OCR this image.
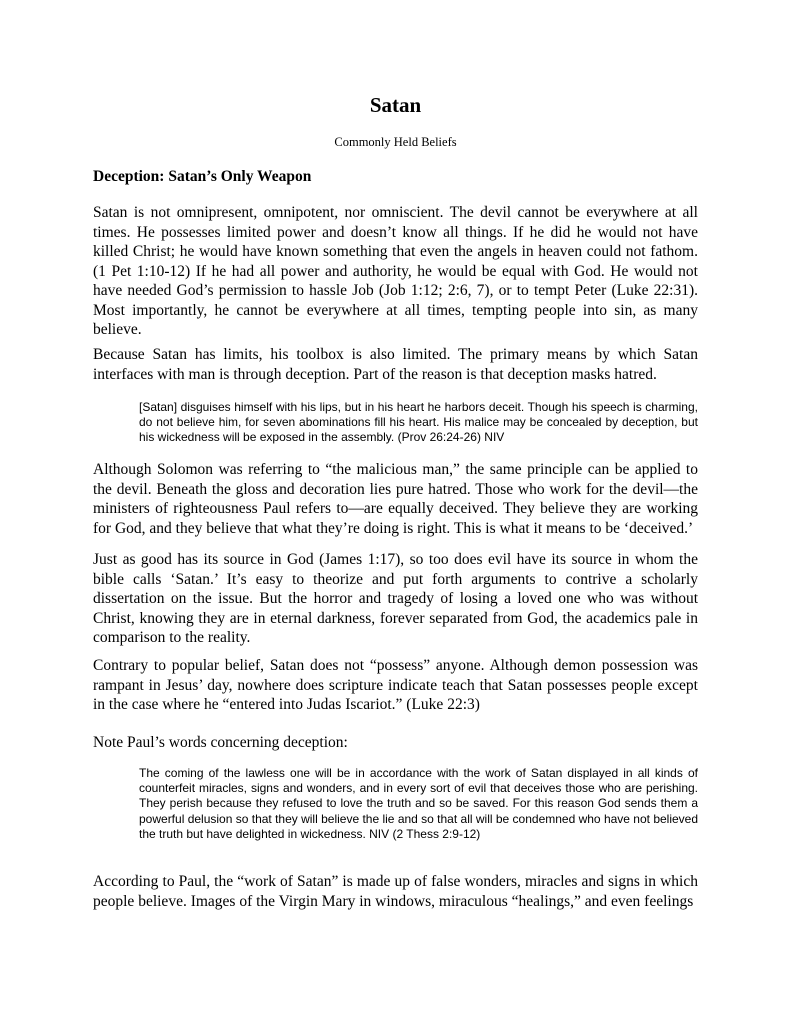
Satan

Commonly Held Beliefs

Deception: Satan’s Only Weapon

Satan is not omnipresent, omnipotent, nor omniscient. The devil cannot be everywhere at all times. He possesses limited power and doesn’t know all things. If he did he would not have killed Christ; he would have known something that even the angels in heaven could not fathom. (1 Pet 1:10-12) If he had all power and authority, he would be equal with God. He would not have needed God’s permission to hassle Job (Job 1:12; 2:6, 7), or to tempt Peter (Luke 22:31). Most importantly, he cannot be everywhere at all times, tempting people into sin, as many believe.

Because Satan has limits, his toolbox is also limited. The primary means by which Satan interfaces with man is through deception. Part of the reason is that deception masks hatred.

[Satan] disguises himself with his lips, but in his heart he harbors deceit. Though his speech is charming, do not believe him, for seven abominations fill his heart. His malice may be concealed by deception, but his wickedness will be exposed in the assembly. (Prov 26:24-26) NIV

Although Solomon was referring to “the malicious man,” the same principle can be applied to the devil. Beneath the gloss and decoration lies pure hatred. Those who work for the devil—the ministers of righteousness Paul refers to—are equally deceived. They believe they are working for God, and they believe that what they’re doing is right. This is what it means to be ‘deceived.’

Just as good has its source in God (James 1:17), so too does evil have its source in whom the bible calls ‘Satan.’ It’s easy to theorize and put forth arguments to contrive a scholarly dissertation on the issue. But the horror and tragedy of losing a loved one who was without Christ, knowing they are in eternal darkness, forever separated from God, the academics pale in comparison to the reality.

Contrary to popular belief, Satan does not “possess” anyone. Although demon possession was rampant in Jesus’ day, nowhere does scripture indicate teach that Satan possesses people except in the case where he “entered into Judas Iscariot.” (Luke 22:3)

Note Paul’s words concerning deception:

The coming of the lawless one will be in accordance with the work of Satan displayed in all kinds of counterfeit miracles, signs and wonders, and in every sort of evil that deceives those who are perishing. They perish because they refused to love the truth and so be saved. For this reason God sends them a powerful delusion so that they will believe the lie and so that all will be condemned who have not believed the truth but have delighted in wickedness. NIV (2 Thess 2:9-12)

According to Paul, the “work of Satan” is made up of false wonders, miracles and signs in which people believe. Images of the Virgin Mary in windows, miraculous “healings,” and even feelings
